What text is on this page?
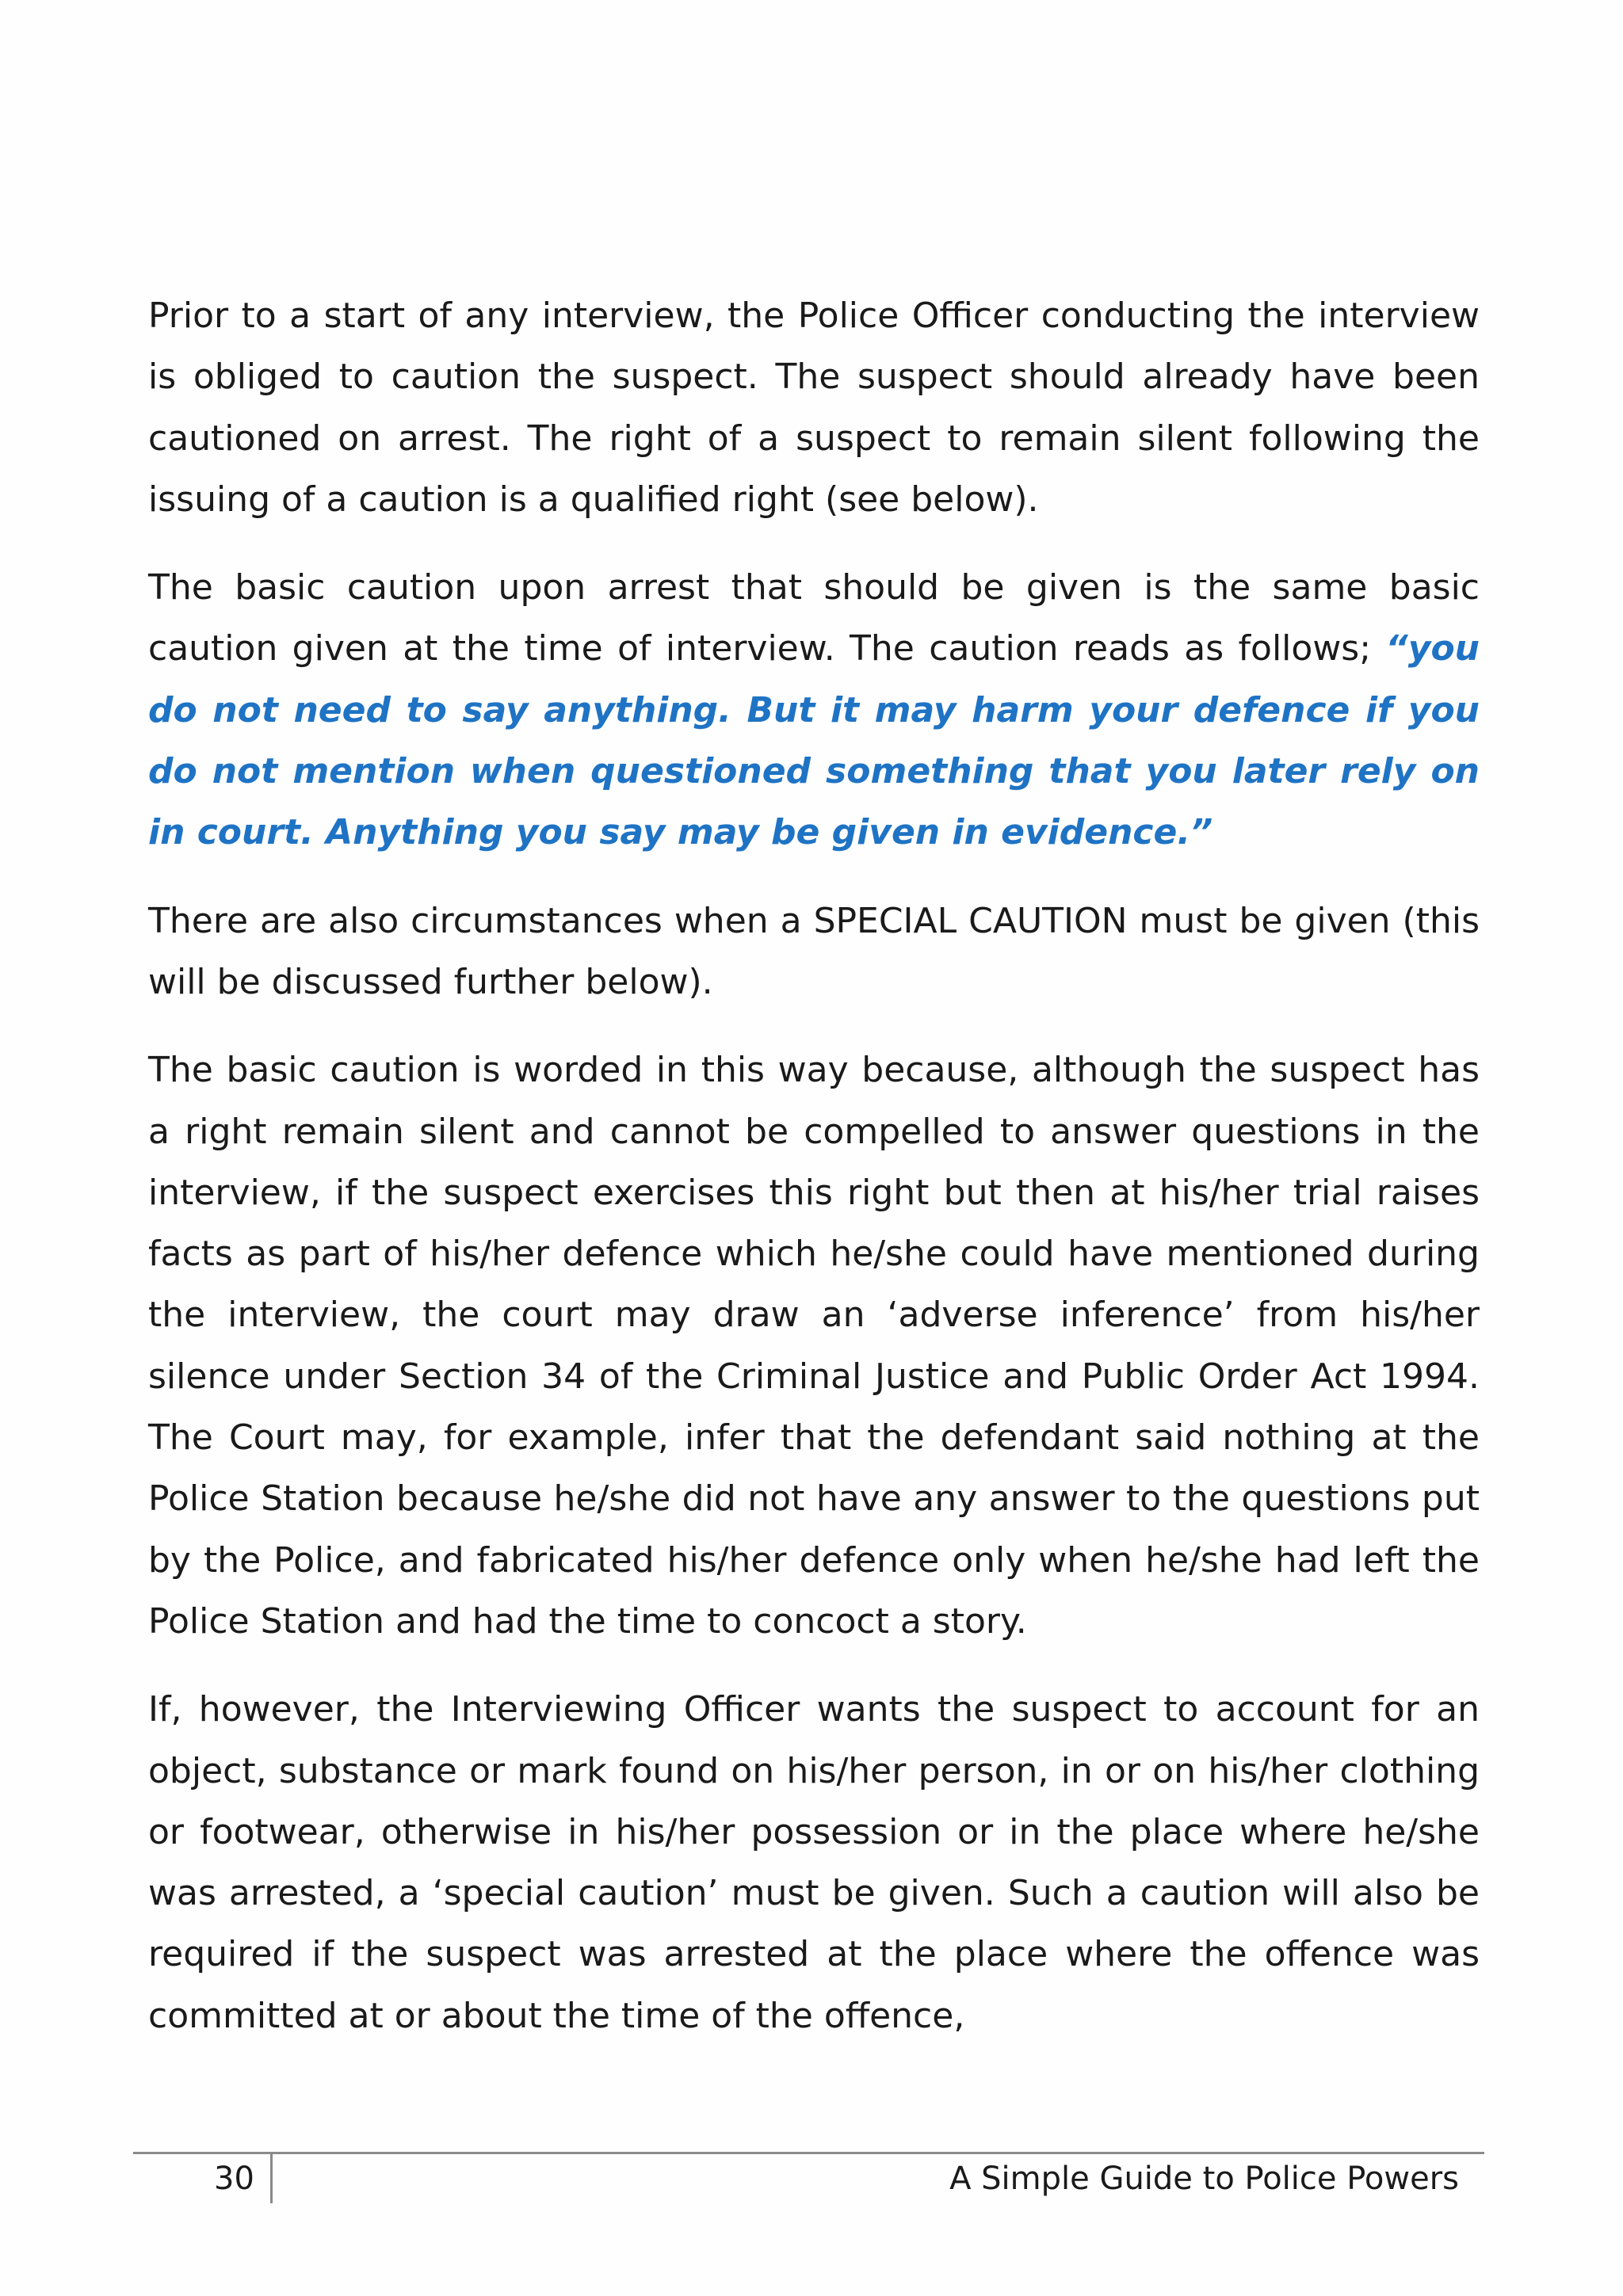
Prior to a start of any interview, the Police Officer conducting the interview is obliged to caution the suspect. The suspect should already have been cautioned on arrest. The right of a suspect to remain silent following the issuing of a caution is a qualified right (see below).

The basic caution upon arrest that should be given is the same basic caution given at the time of interview. The caution reads as follows; “you do not need to say anything. But it may harm your defence if you do not mention when questioned something that you later rely on in court. Anything you say may be given in evidence.”

There are also circumstances when a SPECIAL CAUTION must be given (this will be discussed further below).

The basic caution is worded in this way because, although the suspect has a right remain silent and cannot be compelled to answer questions in the interview, if the suspect exercises this right but then at his/her trial raises facts as part of his/her defence which he/she could have mentioned during the interview, the court may draw an ‘adverse inference’ from his/her silence under Section 34 of the Criminal Justice and Public Order Act 1994. The Court may, for example, infer that the defendant said nothing at the Police Station because he/she did not have any answer to the questions put by the Police, and fabricated his/her defence only when he/she had left the Police Station and had the time to concoct a story.

If, however, the Interviewing Officer wants the suspect to account for an object, substance or mark found on his/her person, in or on his/her clothing or footwear, otherwise in his/her possession or in the place where he/she was arrested, a ‘special caution’ must be given. Such a caution will also be required if the suspect was arrested at the place where the offence was committed at or about the time of the offence,

30	A Simple Guide to Police Powers
